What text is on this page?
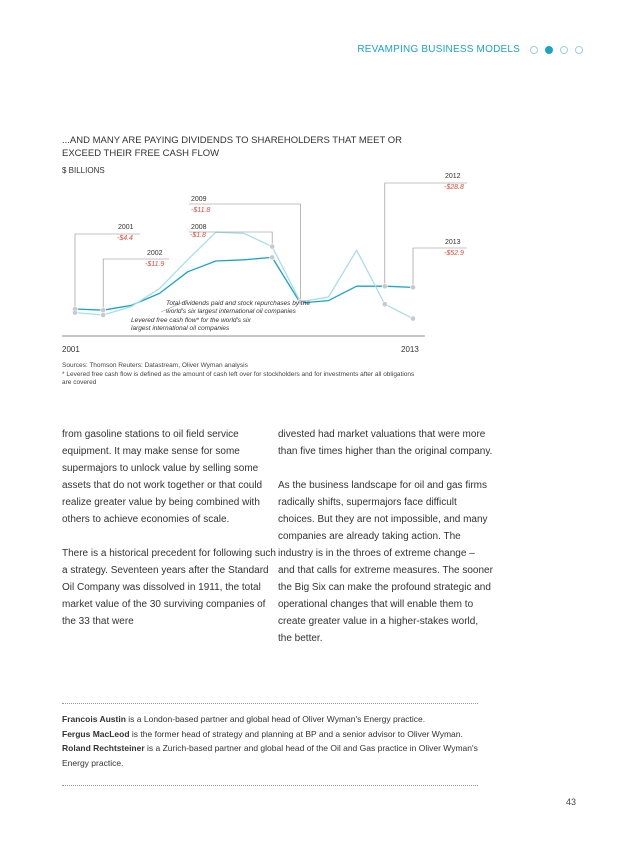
REVAMPING BUSINESS MODELS
...AND MANY ARE PAYING DIVIDENDS TO SHAREHOLDERS THAT MEET OR EXCEED THEIR FREE CASH FLOW
$ BILLIONS
2001
-$4.4
2002
-$11.9
2008
-$1.8
2009
-$11.8
2012
-$28.8
2013
-$52.9
Total dividends paid and stock repurchases by the
world's six largest international oil companies
Levered free cash flow* for the world's six
largest international oil companies
2001	2013
Sources: Thomson Reuters: Datastream, Oliver Wyman analysis
* Levered free cash flow is defined as the amount of cash left over for stockholders and for investments after all obligations are covered

from gasoline stations to oil field service equipment. It may make sense for some supermajors to unlock value by selling some assets that do not work together or that could realize greater value by being combined with others to achieve economies of scale.

There is a historical precedent for following such a strategy. Seventeen years after the Standard Oil Company was dissolved in 1911, the total market value of the 30 surviving companies of the 33 that were

divested had market valuations that were more than five times higher than the original company.

As the business landscape for oil and gas firms radically shifts, supermajors face difficult choices. But they are not impossible, and many companies are already taking action. The industry is in the throes of extreme change – and that calls for extreme measures. The sooner the Big Six can make the profound strategic and operational changes that will enable them to create greater value in a higher-stakes world, the better.

Francois Austin is a London-based partner and global head of Oliver Wyman's Energy practice.
Fergus MacLeod is the former head of strategy and planning at BP and a senior advisor to Oliver Wyman.
Roland Rechtsteiner is a Zurich-based partner and global head of the Oil and Gas practice in Oliver Wyman's Energy practice.
43
